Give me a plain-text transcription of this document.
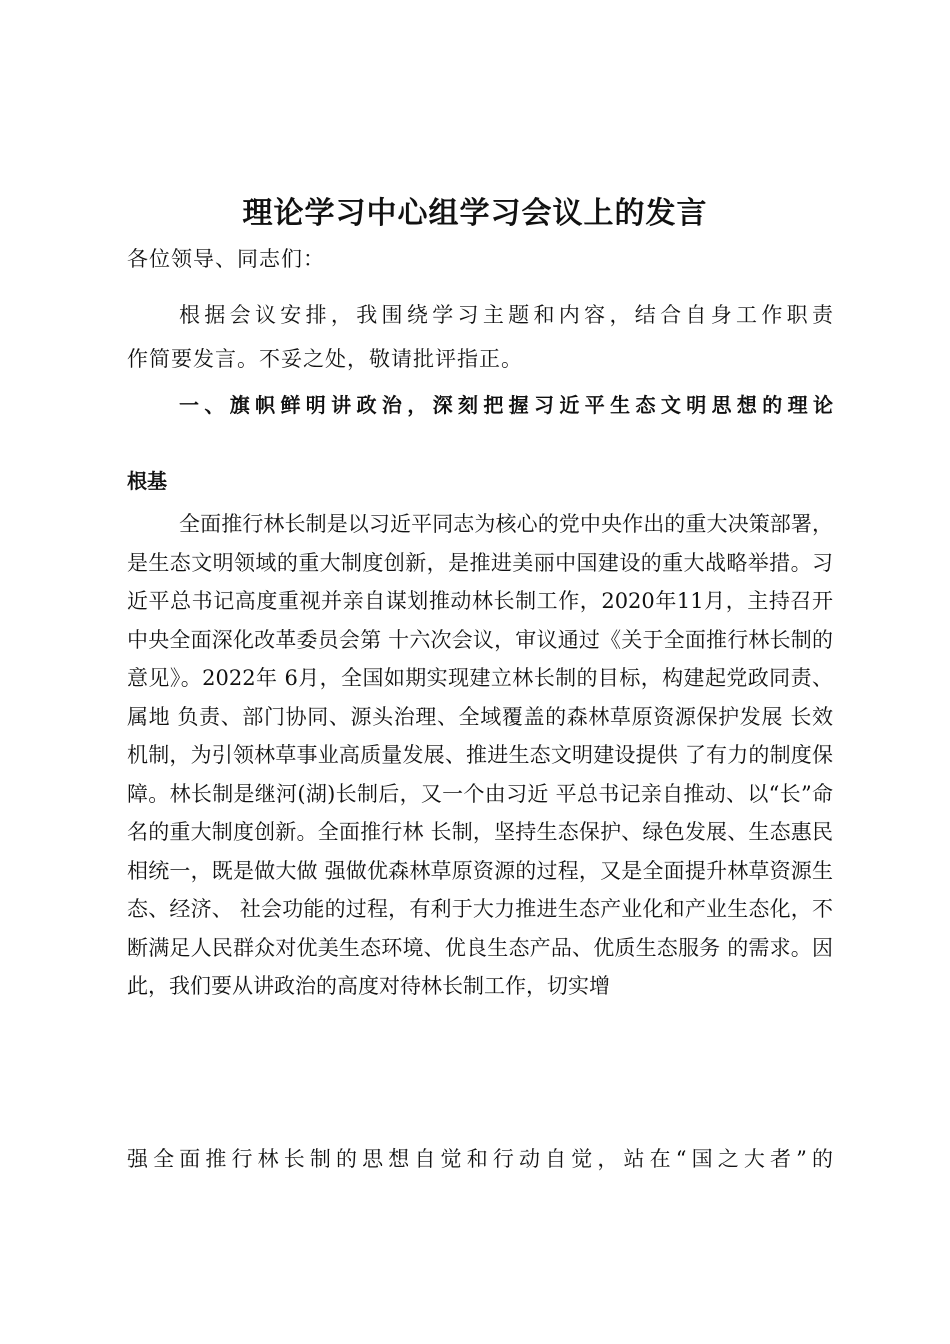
理论学习中心组学习会议上的发言

各位领导、同志们：

根据会议安排，我围绕学习主题和内容，结合自身工作职责

作简要发言。不妥之处，敬请批评指正。

一、旗帜鲜明讲政治，深刻把握习近平生态文明思想的理论
根基

全面推行林长制是以习近平同志为核心的党中央作出的重大决策部署，是生态文明领域的重大制度创新，是推进美丽中国建设的重大战略举措。习近平总书记高度重视并亲自谋划推动林长制工作，2020年11月，主持召开中央全面深化改革委员会第 十六次会议，审议通过《关于全面推行林长制的意见》。2022年 6月，全国如期实现建立林长制的目标，构建起党政同责、属地 负责、部门协同、源头治理、全域覆盖的森林草原资源保护发展 长效机制，为引领林草事业高质量发展、推进生态文明建设提供 了有力的制度保障。林长制是继河(湖)长制后，又一个由习近 平总书记亲自推动、以“长”命名的重大制度创新。全面推行林 长制，坚持生态保护、绿色发展、生态惠民相统一，既是做大做 强做优森林草原资源的过程，又是全面提升林草资源生态、经济、 社会功能的过程，有利于大力推进生态产业化和产业生态化，不 断满足人民群众对优美生态环境、优良生态产品、优质生态服务 的需求。因此，我们要从讲政治的高度对待林长制工作，切实增

强全面推行林长制的思想自觉和行动自觉，站在“国之大者”的
